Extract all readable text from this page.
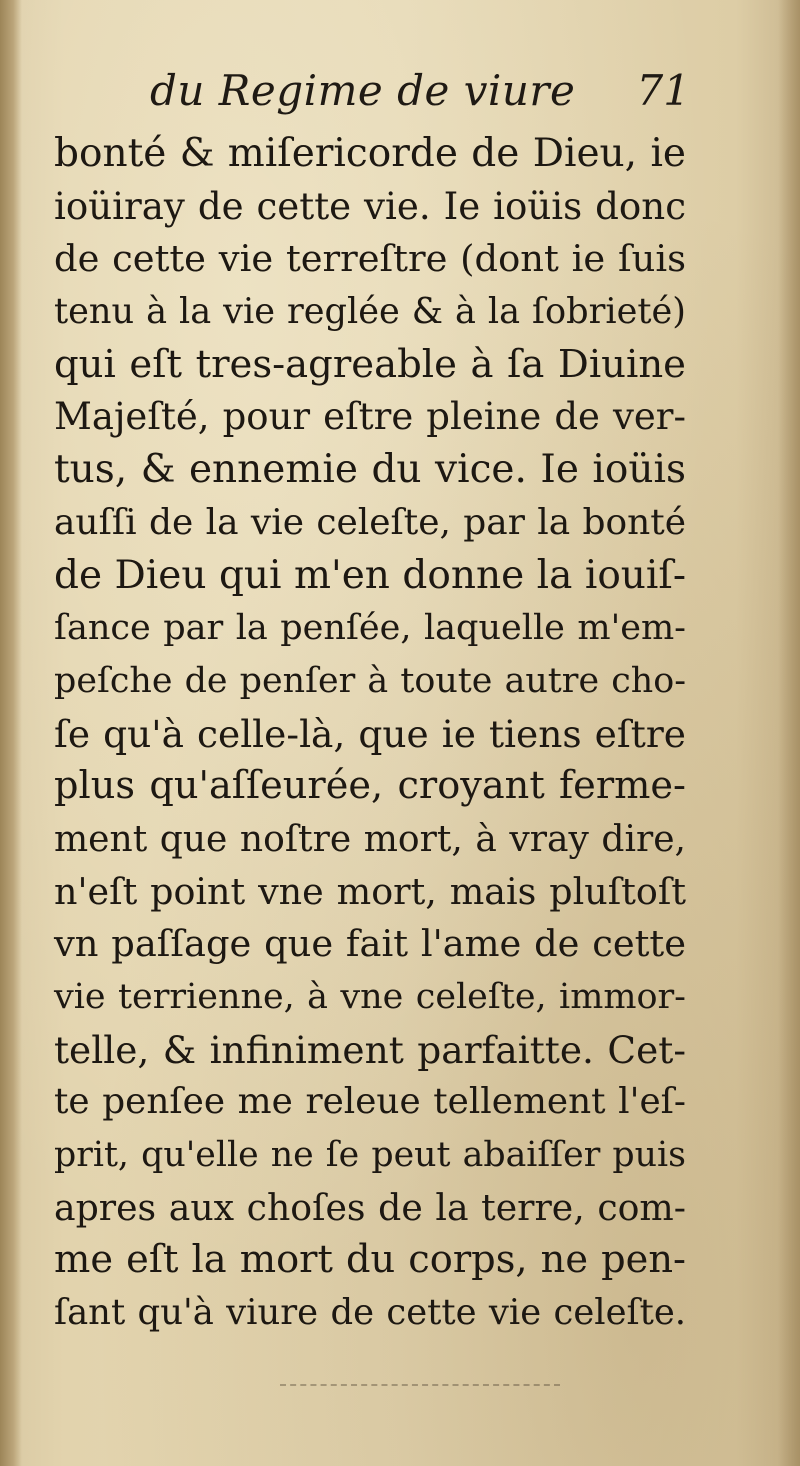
du Regime de viure 71
bonté & miſericorde de Dieu, ie
ioüiray de cette vie. Ie ioüis donc
de cette vie terreſtre (dont ie ſuis
tenu à la vie reglée & à la ſobrieté)
qui eſt tres-agreable à ſa Diuine
Majeſté, pour eſtre pleine de ver-
tus, & ennemie du vice. Ie ioüis
auſſi de la vie celeſte, par la bonté
de Dieu qui m'en donne la iouiſ-
ſance par la penſée, laquelle m'em-
peſche de penſer à toute autre cho-
ſe qu'à celle-là, que ie tiens eſtre
plus qu'aſſeurée, croyant ferme-
ment que noſtre mort, à vray dire,
n'eſt point vne mort, mais pluſtoſt
vn paſſage que fait l'ame de cette
vie terrienne, à vne celeſte, immor-
telle, & infiniment parfaitte. Cet-
te penſee me releue tellement l'eſ-
prit, qu'elle ne ſe peut abaiſſer puis
apres aux choſes de la terre, com-
me eſt la mort du corps, ne pen-
ſant qu'à viure de cette vie celeſte.
